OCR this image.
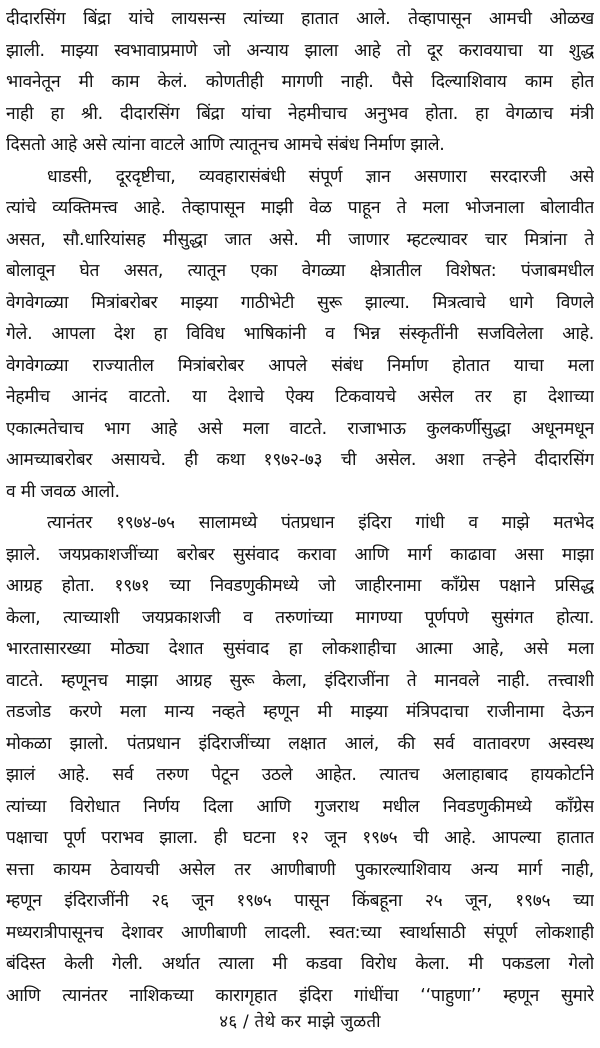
दीदारसिंग बिंद्रा यांचे लायसन्स त्यांच्या हातात आले. तेव्हापासून आमची ओळख
झाली. माझ्या स्वभावाप्रमाणे जो अन्याय झाला आहे तो दूर करावयाचा या शुद्ध
भावनेतून मी काम केलं. कोणतीही मागणी नाही. पैसे दिल्याशिवाय काम होत
नाही हा श्री. दीदारसिंग बिंद्रा यांचा नेहमीचाच अनुभव होता. हा वेगळाच मंत्री
दिसतो आहे असे त्यांना वाटले आणि त्यातूनच आमचे संबंध निर्माण झाले.
धाडसी, दूरदृष्टीचा, व्यवहारासंबंधी संपूर्ण ज्ञान असणारा सरदारजी असे
त्यांचे व्यक्तिमत्त्व आहे. तेव्हापासून माझी वेळ पाहून ते मला भोजनाला बोलावीत
असत, सौ.धारियांसह मीसुद्धा जात असे. मी जाणार म्हटल्यावर चार मित्रांना ते
बोलावून घेत असत, त्यातून एका वेगळ्या क्षेत्रातील विशेषत: पंजाबमधील
वेगवेगळ्या मित्रांबरोबर माझ्या गाठीभेटी सुरू झाल्या. मित्रत्वाचे धागे विणले
गेले. आपला देश हा विविध भाषिकांनी व भिन्न संस्कृतींनी सजविलेला आहे.
वेगवेगळ्या राज्यातील मित्रांबरोबर आपले संबंध निर्माण होतात याचा मला
नेहमीच आनंद वाटतो. या देशाचे ऐक्य टिकवायचे असेल तर हा देशाच्या
एकात्मतेचाच भाग आहे असे मला वाटते. राजाभाऊ कुलकर्णीसुद्धा अधूनमधून
आमच्याबरोबर असायचे. ही कथा १९७२-७३ ची असेल. अशा तऱ्हेने दीदारसिंग
व मी जवळ आलो.
त्यानंतर १९७४-७५ सालामध्ये पंतप्रधान इंदिरा गांधी व माझे मतभेद
झाले. जयप्रकाशजींच्या बरोबर सुसंवाद करावा आणि मार्ग काढावा असा माझा
आग्रह होता. १९७१ च्या निवडणुकीमध्ये जो जाहीरनामा काँग्रेस पक्षाने प्रसिद्ध
केला, त्याच्याशी जयप्रकाशजी व तरुणांच्या मागण्या पूर्णपणे सुसंगत होत्या.
भारतासारख्या मोठ्या देशात सुसंवाद हा लोकशाहीचा आत्मा आहे, असे मला
वाटते. म्हणूनच माझा आग्रह सुरू केला, इंदिराजींना ते मानवले नाही. तत्त्वाशी
तडजोड करणे मला मान्य नव्हते म्हणून मी माझ्या मंत्रिपदाचा राजीनामा देऊन
मोकळा झालो. पंतप्रधान इंदिराजींच्या लक्षात आलं, की सर्व वातावरण अस्वस्थ
झालं आहे. सर्व तरुण पेटून उठले आहेत. त्यातच अलाहाबाद हायकोर्टाने
त्यांच्या विरोधात निर्णय दिला आणि गुजराथ मधील निवडणुकीमध्ये काँग्रेस
पक्षाचा पूर्ण पराभव झाला. ही घटना १२ जून १९७५ ची आहे. आपल्या हातात
सत्ता कायम ठेवायची असेल तर आणीबाणी पुकारल्याशिवाय अन्य मार्ग नाही,
म्हणून इंदिराजींनी २६ जून १९७५ पासून किंबहूना २५ जून, १९७५ च्या
मध्यरात्रीपासूनच देशावर आणीबाणी लादली. स्वत:च्या स्वार्थासाठी संपूर्ण लोकशाही
बंदिस्त केली गेली. अर्थात त्याला मी कडवा विरोध केला. मी पकडला गेलो
आणि त्यानंतर नाशिकच्या कारागृहात इंदिरा गांधींचा ‘‘पाहुणा’’ म्हणून सुमारे
४६ / तेथे कर माझे जुळती
